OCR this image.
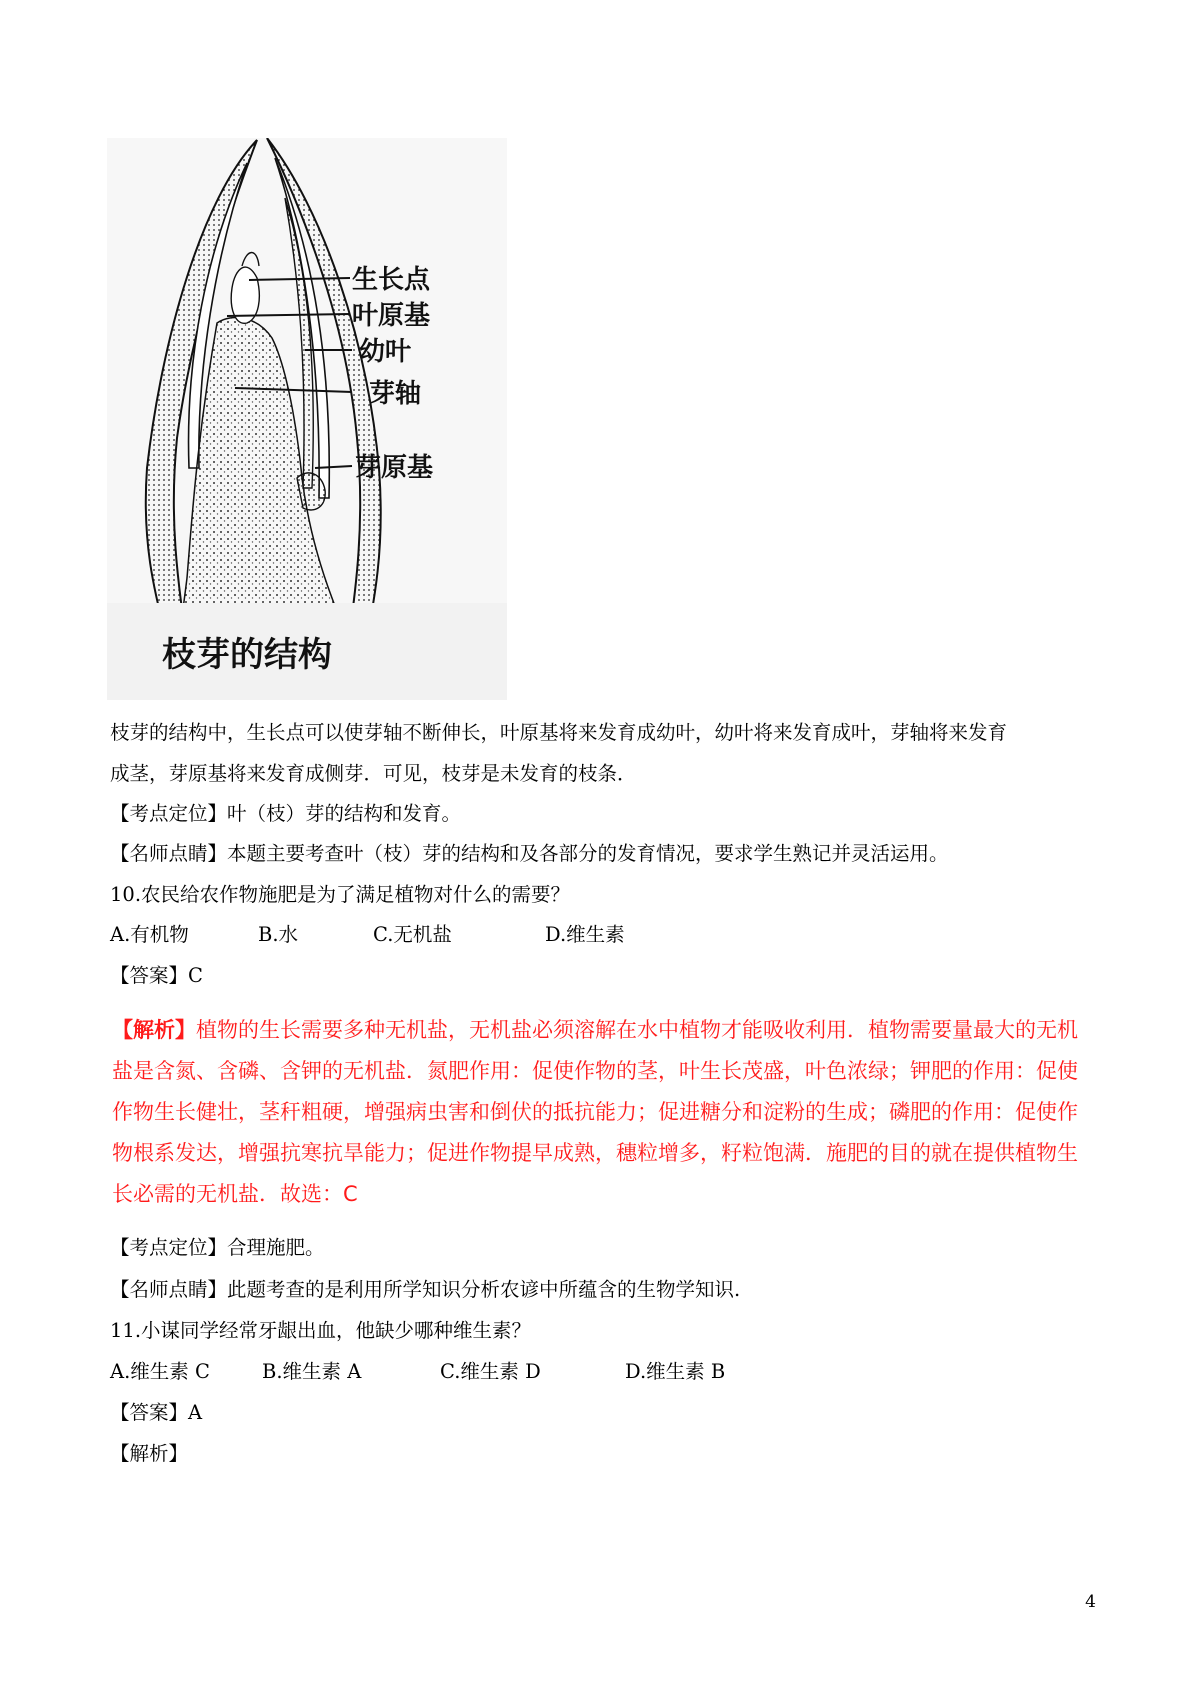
生长点
叶原基
幼叶
芽轴
芽原基
枝芽的结构

枝芽的结构中，生长点可以使芽轴不断伸长，叶原基将来发育成幼叶，幼叶将来发育成叶，芽轴将来发育

成茎，芽原基将来发育成侧芽．可见，枝芽是未发育的枝条．

【考点定位】叶（枝）芽的结构和发育。

【名师点睛】本题主要考查叶（枝）芽的结构和及各部分的发育情况，要求学生熟记并灵活运用。

10.农民给农作物施肥是为了满足植物对什么的需要？

A.有机物	B.水	C.无机盐	D.维生素

【答案】C

【解析】植物的生长需要多种无机盐，无机盐必须溶解在水中植物才能吸收利用．植物需要量最大的无机
盐是含氮、含磷、含钾的无机盐．氮肥作用：促使作物的茎，叶生长茂盛，叶色浓绿；钾肥的作用：促使
作物生长健壮，茎秆粗硬，增强病虫害和倒伏的抵抗能力；促进糖分和淀粉的生成；磷肥的作用：促使作
物根系发达，增强抗寒抗旱能力；促进作物提早成熟，穗粒增多，籽粒饱满．施肥的目的就在提供植物生
长必需的无机盐．故选：C

【考点定位】合理施肥。

【名师点睛】此题考查的是利用所学知识分析农谚中所蕴含的生物学知识.

11.小谋同学经常牙龈出血，他缺少哪种维生素？

A.维生素 C	B.维生素 A	C.维生素 D	D.维生素 B

【答案】A

【解析】

4
